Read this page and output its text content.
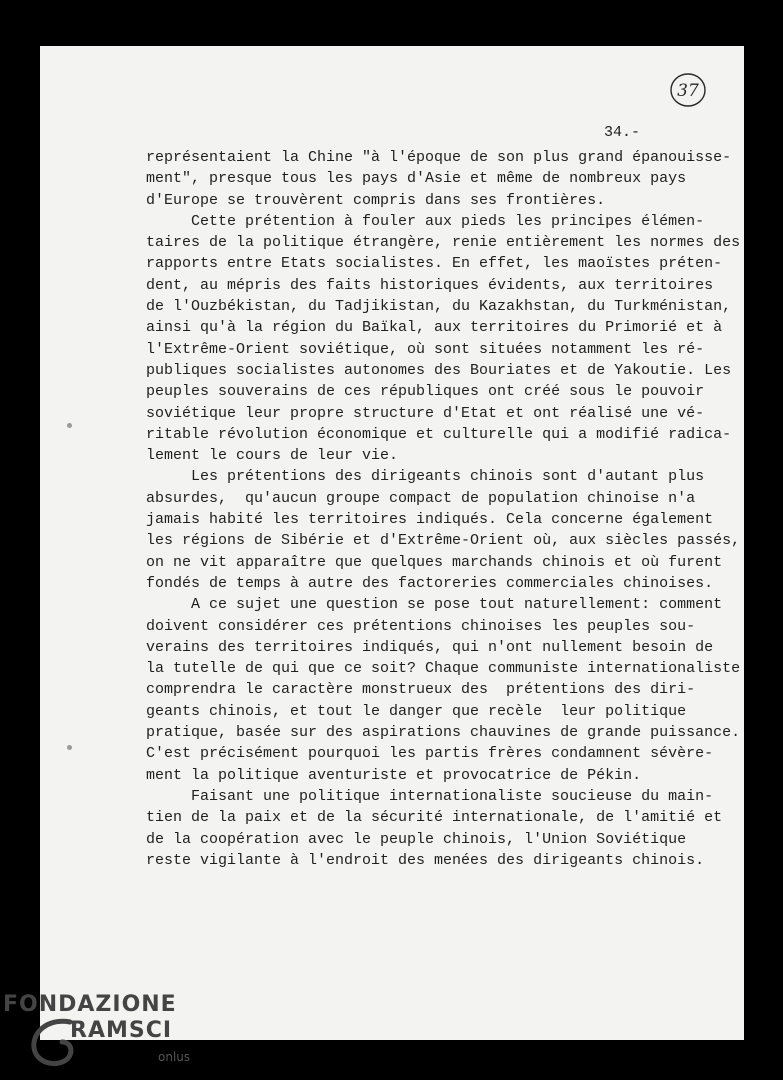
37
34.-
représentaient la Chine "à l'époque de son plus grand épanouisse-
ment", presque tous les pays d'Asie et même de nombreux pays
d'Europe se trouvèrent compris dans ses frontières.
Cette prétention à fouler aux pieds les principes élémen-
taires de la politique étrangère, renie entièrement les normes des
rapports entre Etats socialistes. En effet, les maoïstes préten-
dent, au mépris des faits historiques évidents, aux territoires
de l'Ouzbékistan, du Tadjikistan, du Kazakhstan, du Turkménistan,
ainsi qu'à la région du Baïkal, aux territoires du Primorié et à
l'Extrême-Orient soviétique, où sont situées notamment les ré-
publiques socialistes autonomes des Bouriates et de Yakoutie. Les
peuples souverains de ces républiques ont créé sous le pouvoir
soviétique leur propre structure d'Etat et ont réalisé une vé-
ritable révolution économique et culturelle qui a modifié radica-
lement le cours de leur vie.
Les prétentions des dirigeants chinois sont d'autant plus
absurdes,  qu'aucun groupe compact de population chinoise n'a
jamais habité les territoires indiqués. Cela concerne également
les régions de Sibérie et d'Extrême-Orient où, aux siècles passés,
on ne vit apparaître que quelques marchands chinois et où furent
fondés de temps à autre des factoreries commerciales chinoises.
A ce sujet une question se pose tout naturellement: comment
doivent considérer ces prétentions chinoises les peuples sou-
verains des territoires indiqués, qui n'ont nullement besoin de
la tutelle de qui que ce soit? Chaque communiste internationaliste
comprendra le caractère monstrueux des  prétentions des diri-
geants chinois, et tout le danger que recèle  leur politique
pratique, basée sur des aspirations chauvines de grande puissance.
C'est précisément pourquoi les partis frères condamnent sévère-
ment la politique aventuriste et provocatrice de Pékin.
Faisant une politique internationaliste soucieuse du main-
tien de la paix et de la sécurité internationale, de l'amitié et
de la coopération avec le peuple chinois, l'Union Soviétique
reste vigilante à l'endroit des menées des dirigeants chinois.
FONDAZIONE
RAMSCI
onlus
